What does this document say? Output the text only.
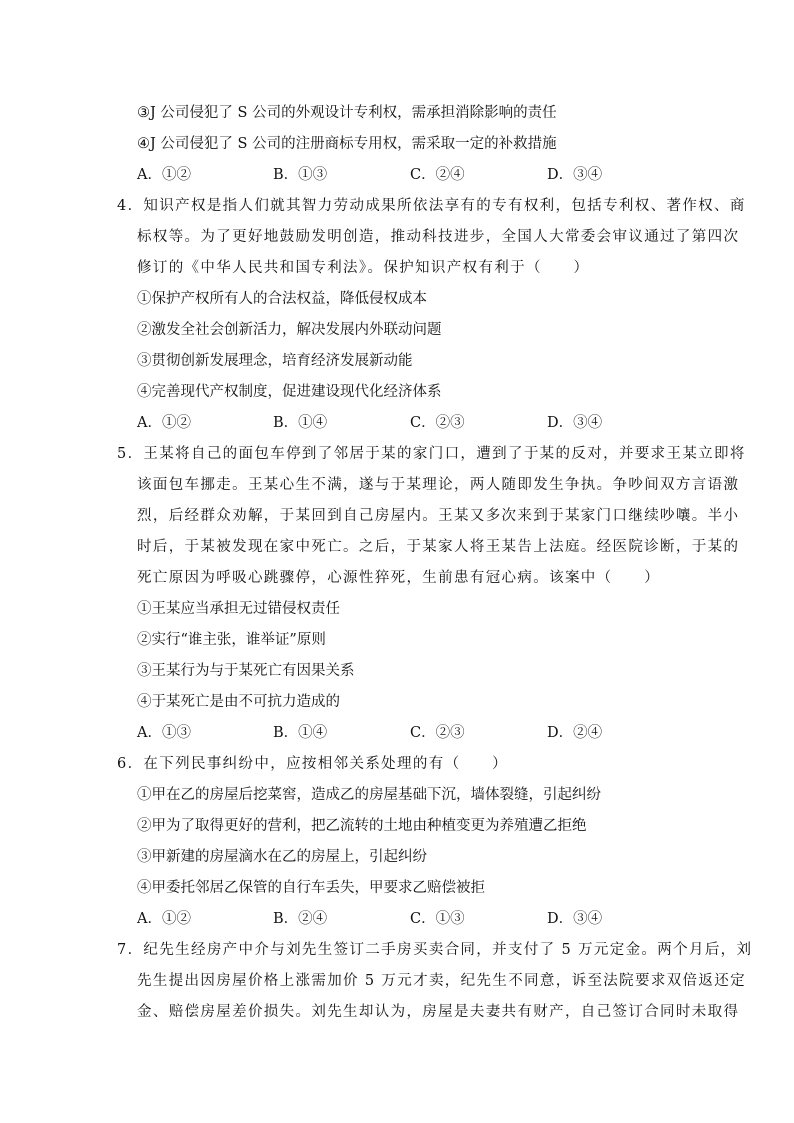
③J 公司侵犯了 S 公司的外观设计专利权，需承担消除影响的责任
④J 公司侵犯了 S 公司的注册商标专用权，需采取一定的补救措施
A．①②	B．①③	C．②④	D．③④
4．知识产权是指人们就其智力劳动成果所依法享有的专有权利，包括专利权、著作权、商
标权等。为了更好地鼓励发明创造，推动科技进步，全国人大常委会审议通过了第四次
修订的《中华人民共和国专利法》。保护知识产权有利于（　　）
①保护产权所有人的合法权益，降低侵权成本
②激发全社会创新活力，解决发展内外联动问题
③贯彻创新发展理念，培育经济发展新动能
④完善现代产权制度，促进建设现代化经济体系
A．①②	B．①④	C．②③	D．③④
5．王某将自己的面包车停到了邻居于某的家门口，遭到了于某的反对，并要求王某立即将
该面包车挪走。王某心生不满，遂与于某理论，两人随即发生争执。争吵间双方言语激
烈，后经群众劝解，于某回到自己房屋内。王某又多次来到于某家门口继续吵嚷。半小
时后，于某被发现在家中死亡。之后，于某家人将王某告上法庭。经医院诊断，于某的
死亡原因为呼吸心跳骤停，心源性猝死，生前患有冠心病。该案中（　　）
①王某应当承担无过错侵权责任
②实行“谁主张，谁举证”原则
③王某行为与于某死亡有因果关系
④于某死亡是由不可抗力造成的
A．①③	B．①④	C．②③	D．②④
6．在下列民事纠纷中，应按相邻关系处理的有（　　）
①甲在乙的房屋后挖菜窖，造成乙的房屋基础下沉，墙体裂缝，引起纠纷
②甲为了取得更好的营利，把乙流转的土地由种植变更为养殖遭乙拒绝
③甲新建的房屋滴水在乙的房屋上，引起纠纷
④甲委托邻居乙保管的自行车丢失，甲要求乙赔偿被拒
A．①②	B．②④	C．①③	D．③④
7．纪先生经房产中介与刘先生签订二手房买卖合同，并支付了 5 万元定金。两个月后，刘
先生提出因房屋价格上涨需加价 5 万元才卖，纪先生不同意，诉至法院要求双倍返还定
金、赔偿房屋差价损失。刘先生却认为，房屋是夫妻共有财产，自己签订合同时未取得
